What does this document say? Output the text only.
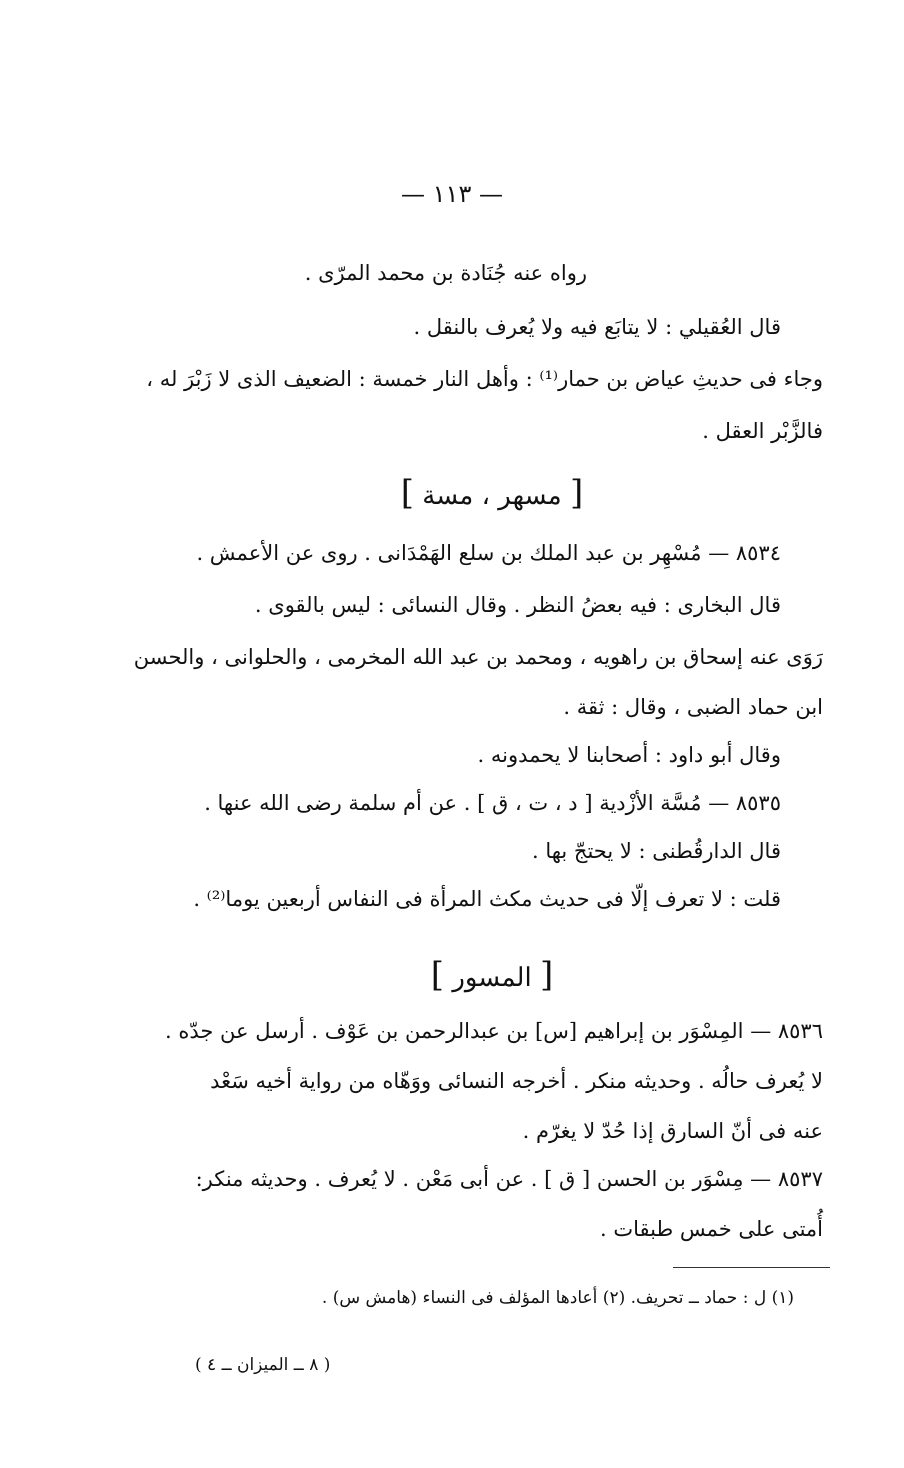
— ١١٣ —
رواه عنه جُنَادة بن محمد المرّى .
قال العُقيلي : لا يتابَع فيه ولا يُعرف بالنقل .
وجاء فى حديثِ عياض بن حمار⁽¹⁾ : وأهل النار خمسة : الضعيف الذى لا زَبْرَ له ،
فالزَّبْر العقل .
[ مسهر ، مسة ]
٨٥٣٤ — مُسْهِر بن عبد الملك بن سلع الهَمْدَانى . روى عن الأعمش .
قال البخارى : فيه بعضُ النظر . وقال النسائى : ليس بالقوى .
رَوَى عنه إسحاق بن راهويه ، ومحمد بن عبد الله المخرمى ، والحلوانى ، والحسن
ابن حماد الضبى ، وقال : ثقة .
وقال أبو داود : أصحابنا لا يحمدونه .
٨٥٣٥ — مُسَّة الأزْدية [ د ، ت ، ق ] . عن أم سلمة رضى الله عنها .
قال الدارقُطنى : لا يحتجّ بها .
قلت : لا تعرف إلّا فى حديث مكث المرأة فى النفاس أربعين يوما⁽²⁾ .
[ المسور ]
٨٥٣٦ — المِسْوَر بن إبراهيم [س] بن عبدالرحمن بن عَوْف . أرسل عن جدّه .
لا يُعرف حالُه . وحديثه منكر . أخرجه النسائى ووَهّاه من رواية أخيه سَعْد
عنه فى أنّ السارق إذا حُدّ لا يغرّم .
٨٥٣٧ — مِسْوَر بن الحسن [ ق ] . عن أبى مَعْن . لا يُعرف . وحديثه منكر:
أُمتى على خمس طبقات .
(١) ل : حماد ــ تحريف. (٢) أعادها المؤلف فى النساء (هامش س) .
( ٨ ــ الميزان ــ ٤ )
